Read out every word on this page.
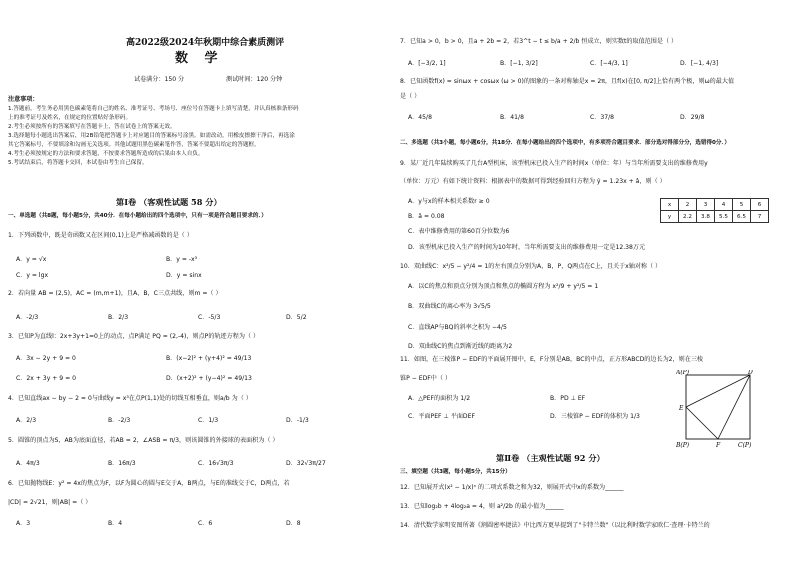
高2022级2024年秋期中综合素质测评
数 学
试卷满分：150 分	测试时间：120 分钟
注意事项：
1.答题前，考生务必用黑色碳素笔将自己的姓名、准考证号、考场号、座位号在答题卡上填写清楚，并认真核准条形码
上的准考证号及姓名，在规定的位置贴好条形码。
2.考生必须按所有的答案填写在答题卡上，答在试卷上的答案无效。
3.选择题每小题选出答案后，用2B铅笔把答题卡上对应题目的答案标号涂黑。如需改动，用橡皮擦擦干净后，再选涂
其它答案标号，不要填涂和勾画无关选项。其他试题用黑色碳素笔作答，答案不要超出给定的答题框。
4.考生必须按规定的方法和要求答题，不按要求答题所造成的后果由本人自负。
5.考试结束后，将答题卡交回，本试卷由考生自己保留。
第Ⅰ卷 （客观性试题 58 分）
一、单选题（共8题，每小题5分，共40分．在每小题给出的四个选项中，只有一项是符合题目要求的．）
1．下列函数中，既是奇函数又在区间(0,1)上是严格减函数的是（ ）
A．y = √x	B．y = -x³
C．y = lgx	D．y = sinx
2．若向量 AB = (2,5)，AC = (m,m+1)，且A，B，C三点共线，则m =（ ）
A．-2/3	B．2/3	C．-5/3	D．5/2
3．已知P为直线l：2x+3y+1=0上的动点，点P满足 PQ = (2,-4)，则点P的轨迹方程为（ ）
A．3x − 2y + 9 = 0	B．(x−2)² + (y+4)² = 49/13
C．2x + 3y + 9 = 0	D．(x+2)² + (y−4)² = 49/13
4．已知直线ax − by − 2 = 0与曲线y = x³在点P(1,1)处的切线互相垂直，则a/b 为（ ）
A．2/3	B．-2/3	C．1/3	D．-1/3
5．圆锥的顶点为S，AB为底面直径，若AB = 2，∠ASB = π/3，则该圆锥的外接球的表面积为（ ）
A．4π/3	B．16π/3	C．16√3π/3	D．32√3π/27
6．已知抛物线E：y² = 4x的焦点为F，以F为圆心的圆与E交于A，B两点，与E的准线交于C，D两点，若
|CD| = 2√21，则|AB| =（ ）
A．3	B．4	C．6	D．8
7．已知a > 0，b > 0，且a + 2b = 2，若3^t − t ≤ b/a + 2/b 恒成立，则实数t的取值范围是（ ）
A．[−3/2, 1]	B．[−1, 3/2]	C．[−4/3, 1]	D．[−1, 4/3]
8．已知函数f(x) = sinωx + cosωx (ω > 0)的图象的一条对称轴是x = 2π，且f(x)在[0, π/2]上恰有两个极，则ω的最大值
是（ ）
A．45/8	B．41/8	C．37/8	D．29/8
二、多选题（共3小题，每小题6分，共18分．在每小题给出的四个选项中，有多项符合题目要求．部分选对得部分分，选错得0分．）
9．某厂近几年陆续购买了几台A型机床，该型机床已投入生产的时间x（单位：年）与当年所需要支出的维修费用y
（单位：万元）有如下统计资料：根据表中的数据可得到经验回归方程为 ŷ = 1.23x + â，则（ ）
A．y与x的样本相关系数r ≥ 0
B．â = 0.08
C．表中维修费用的第60百分位数为6
D．该型机床已投入生产的时间为10年时，当年所需要支出的维修费用一定是12.38万元
x	2	3	4	5	6
y	2.2	3.8	5.5	6.5	7
10．双曲线C：x²/5 − y²/4 = 1的左右顶点分别为A，B，P，Q两点在C上，且关于x轴对称（ ）
A．以C的焦点和顶点分别为顶点和焦点的椭圆方程为 x²/9 + y²/5 = 1
B．双曲线C的离心率为 3√5/5
C．直线AP与BQ的斜率之积为 −4/5
D．双曲线C的焦点到渐近线的距离为2
11．如图，在三棱锥P − EDF的平面展开图中，E，F分别是AB，BC的中点，正方形ABCD的边长为2，则在三棱
锥P − EDF中（ ）
A．△PEF的面积为 1/2	B．PD ⊥ EF
C．平面PEF ⊥ 平面DEF	D．三棱锥P − EDF的体积为 1/3
A(P)	D
E
B(P)	F	C(P)
第Ⅱ卷 （主观性试题 92 分）
三、填空题（共3题，每小题5分，共15分）
12．已知展开式(x² − 1/x)ⁿ 的二项式系数之和为32，则展开式中x的系数为______
13．已知log₂b + 4log₂a = 4，则 a²/2b 的最小值为______
14．清代数学家明安图所著《割圆密率捷法》中比西方更早提到了"卡特兰数"（以比利时数学家欧仁·查理·卡特兰的
